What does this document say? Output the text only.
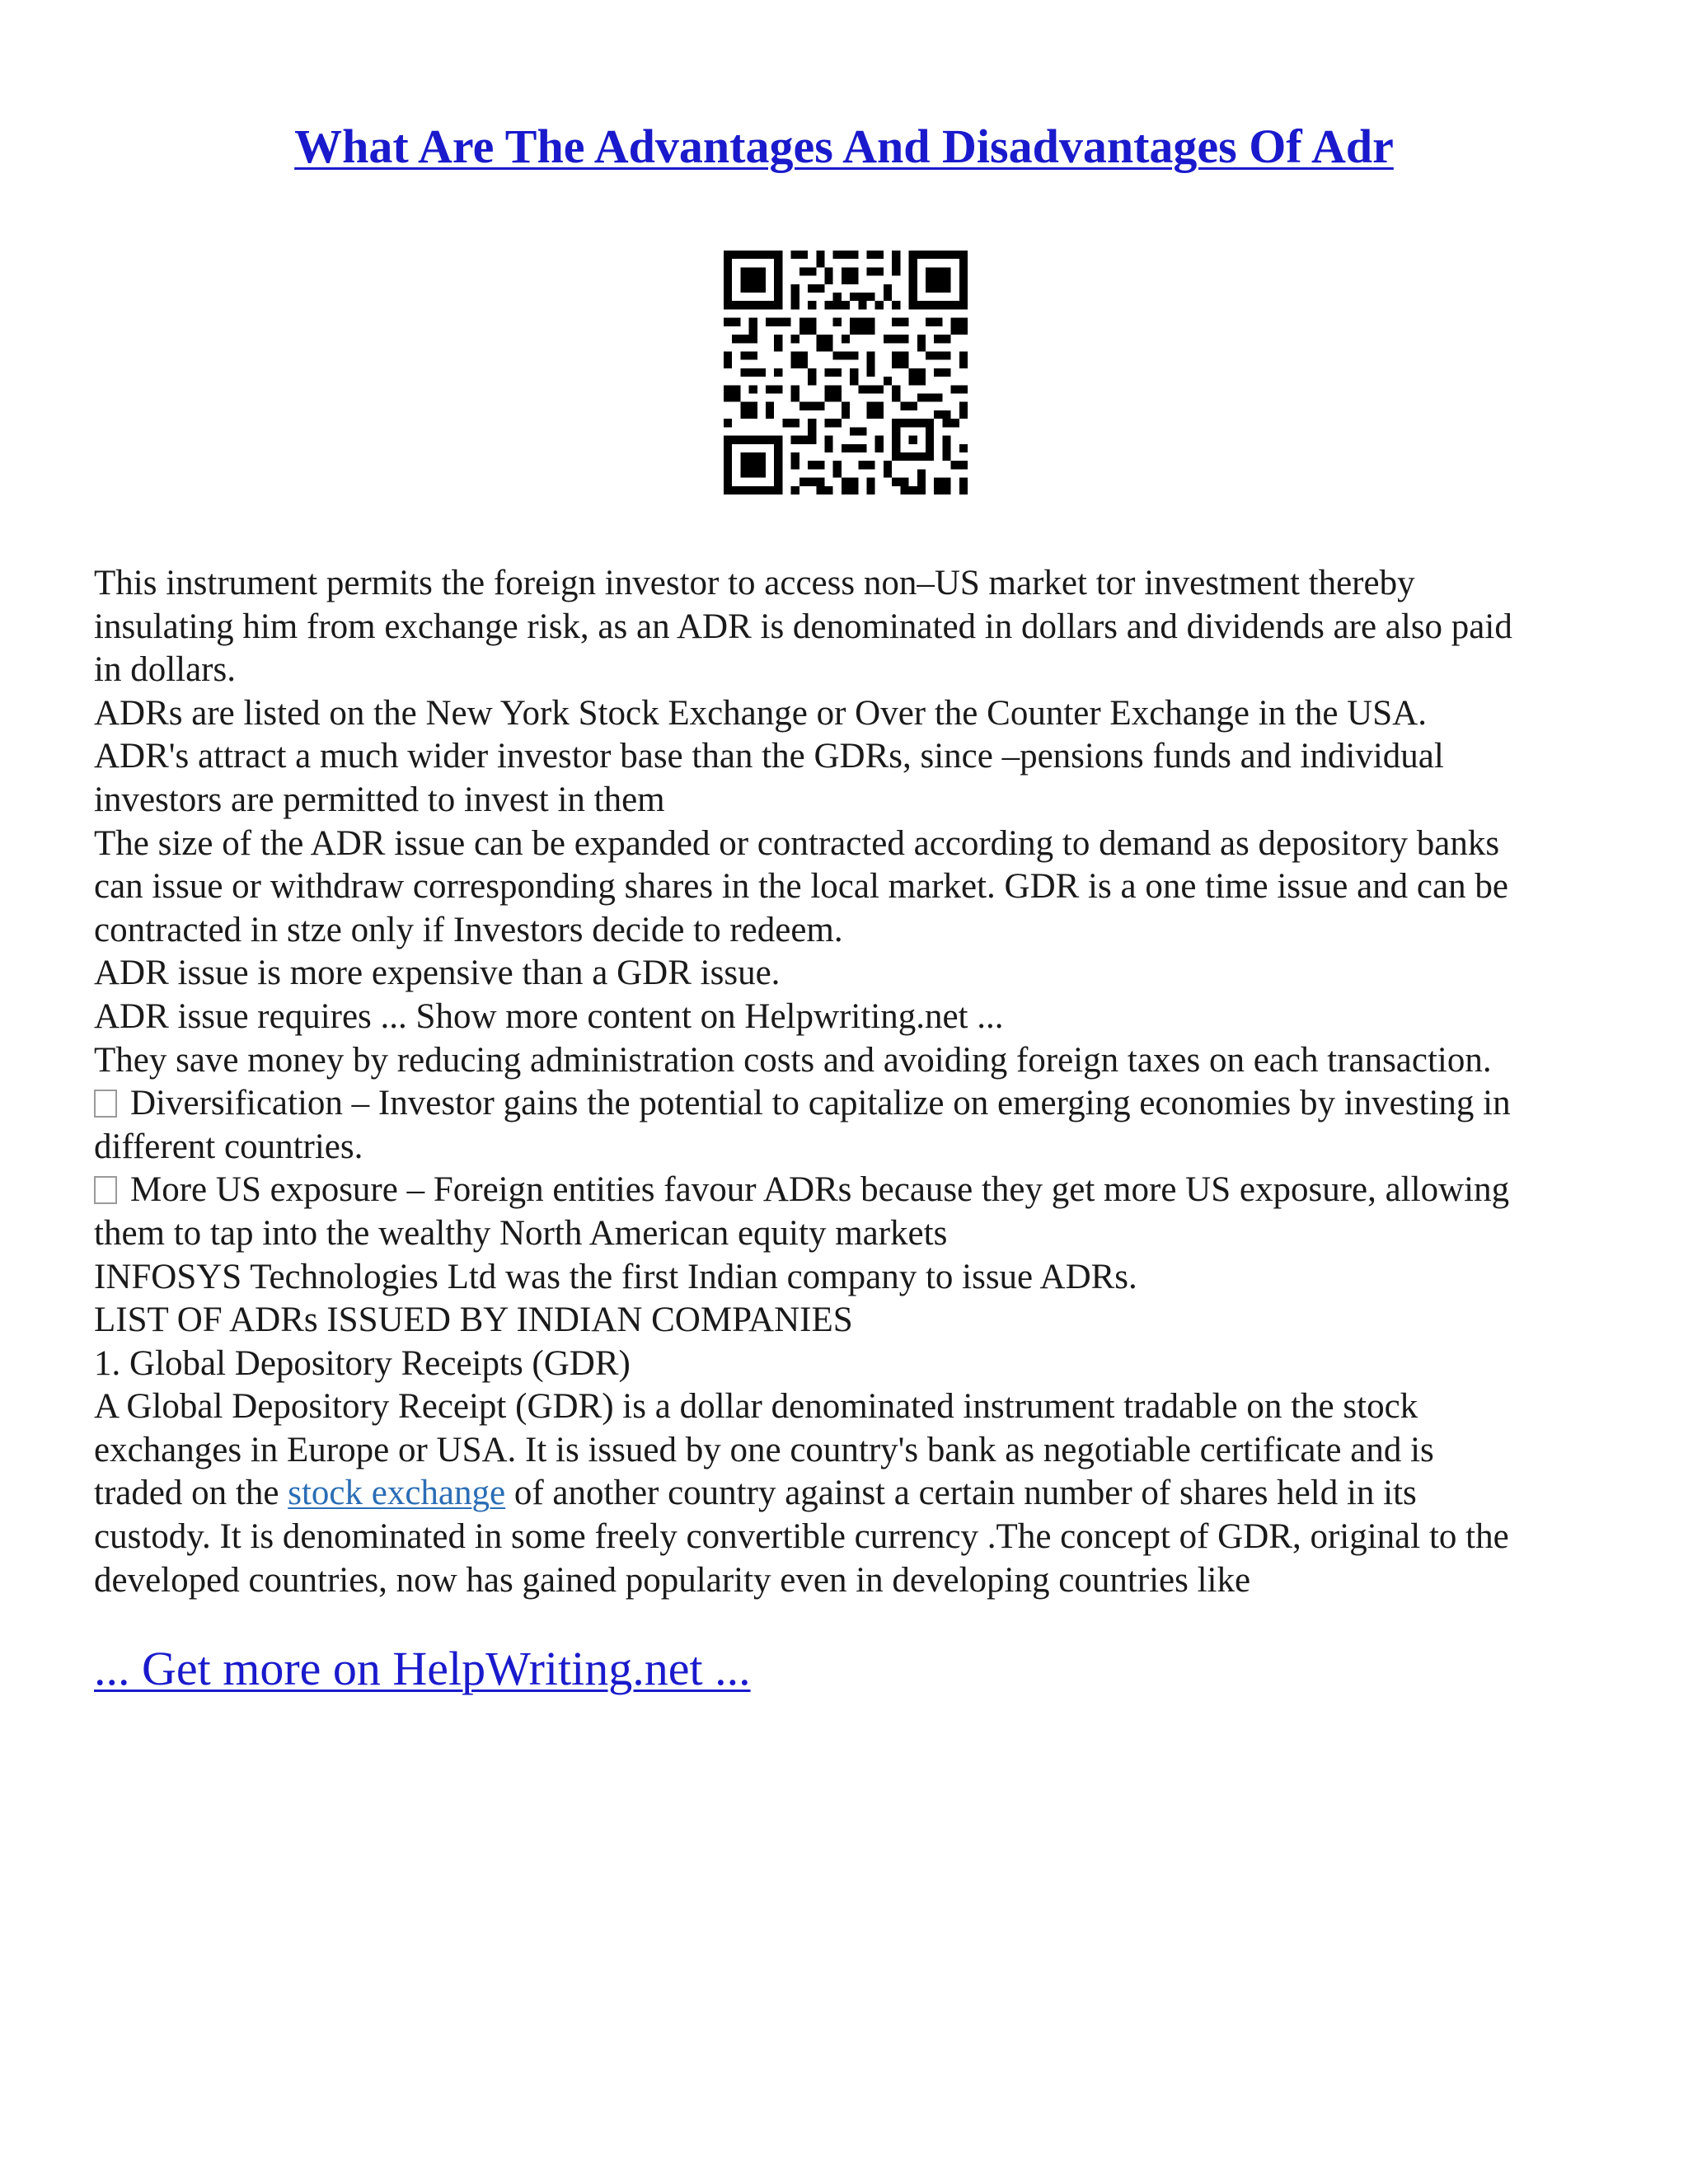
What Are The Advantages And Disadvantages Of Adr
This instrument permits the foreign investor to access non–US market tor investment thereby
insulating him from exchange risk, as an ADR is denominated in dollars and dividends are also paid
in dollars.
ADRs are listed on the New York Stock Exchange or Over the Counter Exchange in the USA.
ADR's attract a much wider investor base than the GDRs, since –pensions funds and individual
investors are permitted to invest in them
The size of the ADR issue can be expanded or contracted according to demand as depository banks
can issue or withdraw corresponding shares in the local market. GDR is a one time issue and can be
contracted in stze only if Investors decide to redeem.
ADR issue is more expensive than a GDR issue.
ADR issue requires ... Show more content on Helpwriting.net ...
They save money by reducing administration costs and avoiding foreign taxes on each transaction.
Diversification – Investor gains the potential to capitalize on emerging economies by investing in
different countries.
More US exposure – Foreign entities favour ADRs because they get more US exposure, allowing
them to tap into the wealthy North American equity markets
INFOSYS Technologies Ltd was the first Indian company to issue ADRs.
LIST OF ADRs ISSUED BY INDIAN COMPANIES
1. Global Depository Receipts (GDR)
A Global Depository Receipt (GDR) is a dollar denominated instrument tradable on the stock
exchanges in Europe or USA. It is issued by one country's bank as negotiable certificate and is
traded on the stock exchange of another country against a certain number of shares held in its
custody. It is denominated in some freely convertible currency .The concept of GDR, original to the
developed countries, now has gained popularity even in developing countries like

... Get more on HelpWriting.net ...
